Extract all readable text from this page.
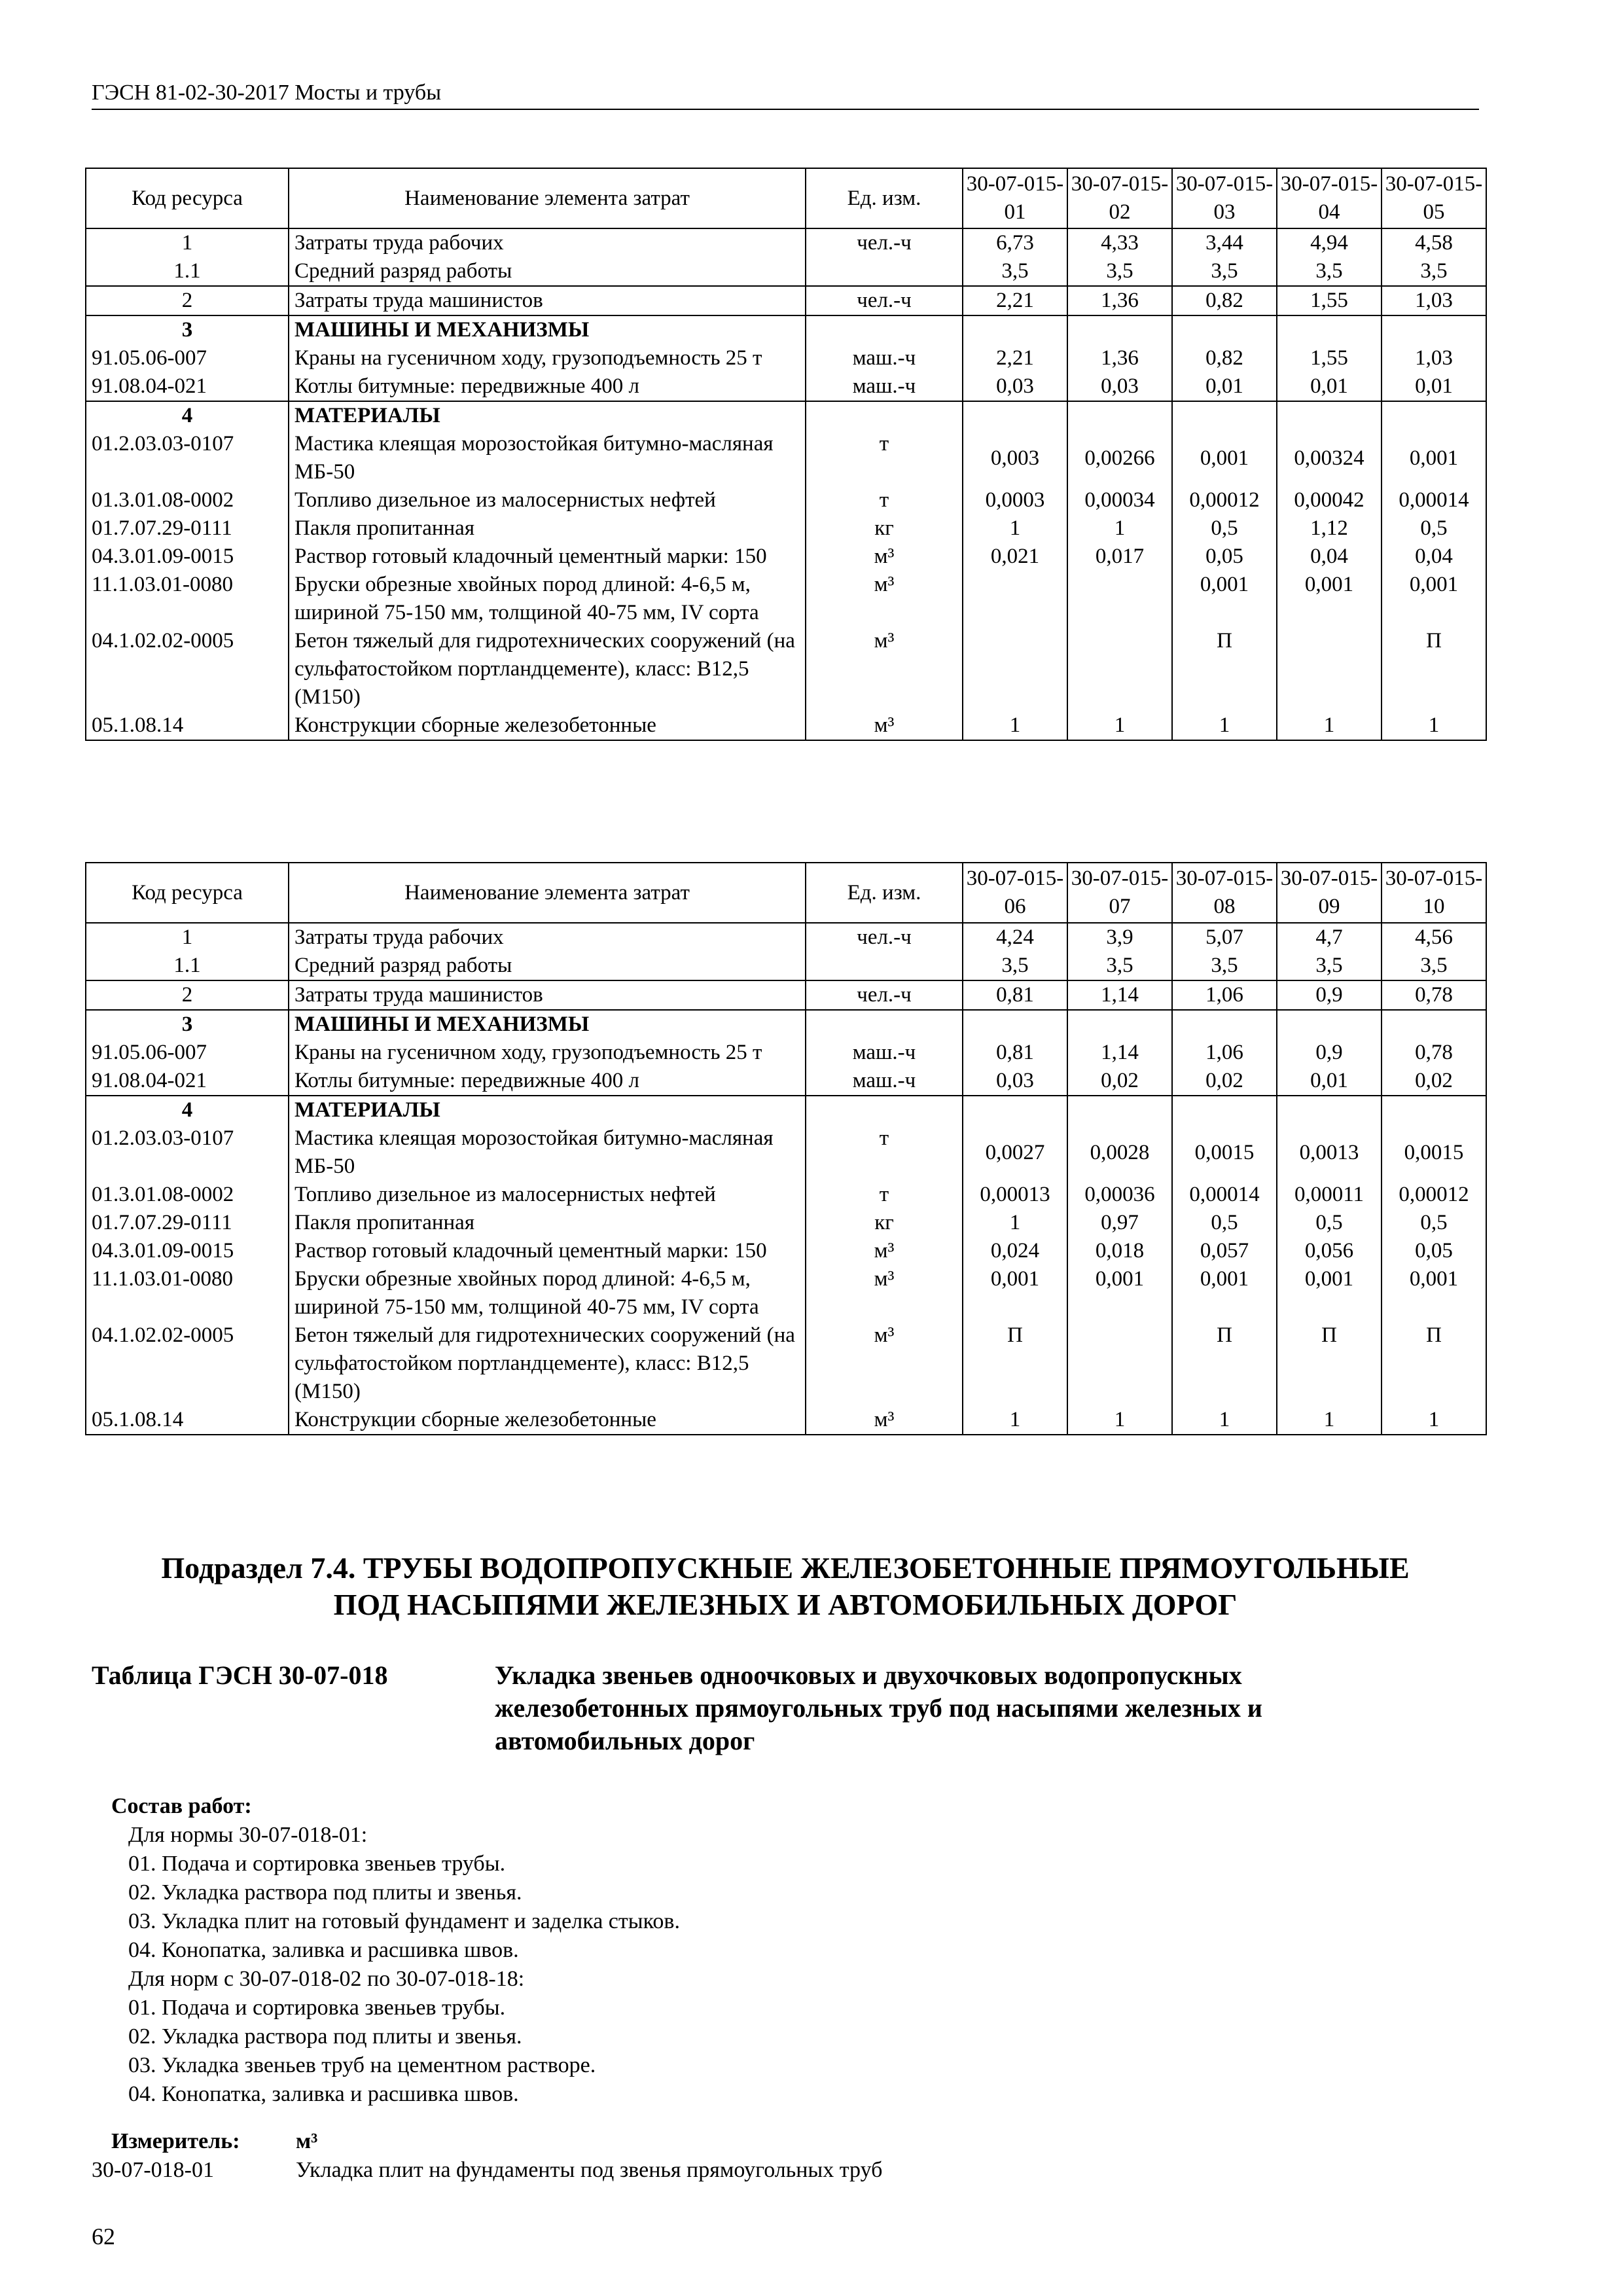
ГЭСН 81-02-30-2017 Мосты и трубы
Код ресурса	Наименование элемента затрат	Ед. изм.	30-07-015-01	30-07-015-02	30-07-015-03	30-07-015-04	30-07-015-05
1	Затраты труда рабочих	чел.-ч	6,73	4,33	3,44	4,94	4,58
1.1	Средний разряд работы		3,5	3,5	3,5	3,5	3,5
2	Затраты труда машинистов	чел.-ч	2,21	1,36	0,82	1,55	1,03
3	МАШИНЫ И МЕХАНИЗМЫ						
91.05.06-007	Краны на гусеничном ходу, грузоподъемность 25 т	маш.-ч	2,21	1,36	0,82	1,55	1,03
91.08.04-021	Котлы битумные: передвижные 400 л	маш.-ч	0,03	0,03	0,01	0,01	0,01
4	МАТЕРИАЛЫ						
01.2.03.03-0107	Мастика клеящая морозостойкая битумно-масляная МБ-50	т	0,003	0,00266	0,001	0,00324	0,001
01.3.01.08-0002	Топливо дизельное из малосернистых нефтей	т	0,0003	0,00034	0,00012	0,00042	0,00014
01.7.07.29-0111	Пакля пропитанная	кг	1	1	0,5	1,12	0,5
04.3.01.09-0015	Раствор готовый кладочный цементный марки: 150	м³	0,021	0,017	0,05	0,04	0,04
11.1.03.01-0080	Бруски обрезные хвойных пород длиной: 4-6,5 м, шириной 75-150 мм, толщиной 40-75 мм, IV сорта	м³			0,001	0,001	0,001
04.1.02.02-0005	Бетон тяжелый для гидротехнических сооружений (на сульфатостойком портландцементе), класс: В12,5 (М150)	м³			П		П
05.1.08.14	Конструкции сборные железобетонные	м³	1	1	1	1	1
Код ресурса	Наименование элемента затрат	Ед. изм.	30-07-015-06	30-07-015-07	30-07-015-08	30-07-015-09	30-07-015-10
1	Затраты труда рабочих	чел.-ч	4,24	3,9	5,07	4,7	4,56
1.1	Средний разряд работы		3,5	3,5	3,5	3,5	3,5
2	Затраты труда машинистов	чел.-ч	0,81	1,14	1,06	0,9	0,78
3	МАШИНЫ И МЕХАНИЗМЫ						
91.05.06-007	Краны на гусеничном ходу, грузоподъемность 25 т	маш.-ч	0,81	1,14	1,06	0,9	0,78
91.08.04-021	Котлы битумные: передвижные 400 л	маш.-ч	0,03	0,02	0,02	0,01	0,02
4	МАТЕРИАЛЫ						
01.2.03.03-0107	Мастика клеящая морозостойкая битумно-масляная МБ-50	т	0,0027	0,0028	0,0015	0,0013	0,0015
01.3.01.08-0002	Топливо дизельное из малосернистых нефтей	т	0,00013	0,00036	0,00014	0,00011	0,00012
01.7.07.29-0111	Пакля пропитанная	кг	1	0,97	0,5	0,5	0,5
04.3.01.09-0015	Раствор готовый кладочный цементный марки: 150	м³	0,024	0,018	0,057	0,056	0,05
11.1.03.01-0080	Бруски обрезные хвойных пород длиной: 4-6,5 м, шириной 75-150 мм, толщиной 40-75 мм, IV сорта	м³	0,001	0,001	0,001	0,001	0,001
04.1.02.02-0005	Бетон тяжелый для гидротехнических сооружений (на сульфатостойком портландцементе), класс: В12,5 (М150)	м³	П		П	П	П
05.1.08.14	Конструкции сборные железобетонные	м³	1	1	1	1	1
Подраздел 7.4. ТРУБЫ ВОДОПРОПУСКНЫЕ ЖЕЛЕЗОБЕТОННЫЕ ПРЯМОУГОЛЬНЫЕ
ПОД НАСЫПЯМИ ЖЕЛЕЗНЫХ И АВТОМОБИЛЬНЫХ ДОРОГ
Таблица ГЭСН 30-07-018	Укладка звеньев одноочковых и двухочковых водопропускных
железобетонных прямоугольных труб под насыпями железных и
автомобильных дорог
Состав работ:
Для нормы 30-07-018-01:
01. Подача и сортировка звеньев трубы.
02. Укладка раствора под плиты и звенья.
03. Укладка плит на готовый фундамент и заделка стыков.
04. Конопатка, заливка и расшивка швов.
Для норм с 30-07-018-02 по 30-07-018-18:
01. Подача и сортировка звеньев трубы.
02. Укладка раствора под плиты и звенья.
03. Укладка звеньев труб на цементном растворе.
04. Конопатка, заливка и расшивка швов.
Измеритель:	м³
30-07-018-01	Укладка плит на фундаменты под звенья прямоугольных труб
62
